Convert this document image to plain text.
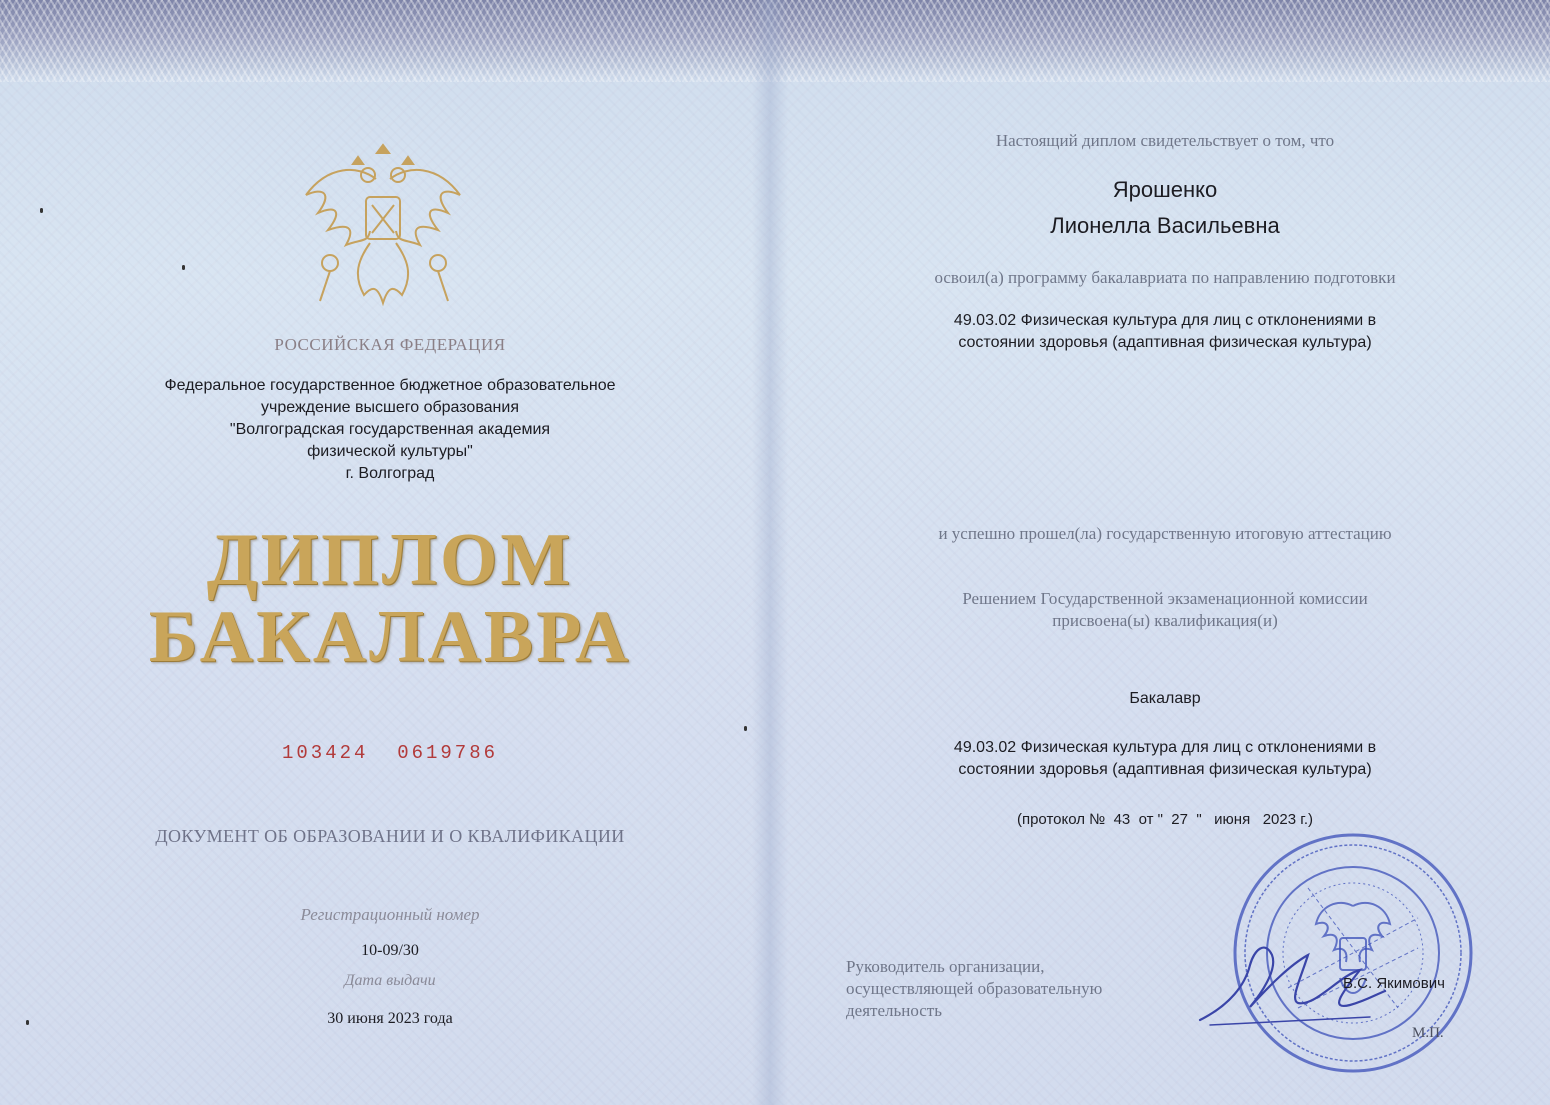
РОССИЙСКАЯ ФЕДЕРАЦИЯ
Федеральное государственное бюджетное образовательное
учреждение высшего образования
"Волгоградская государственная академия
физической культуры"
г. Волгоград
ДИПЛОМ
БАКАЛАВРА
103424  0619786
ДОКУМЕНТ ОБ ОБРАЗОВАНИИ И О КВАЛИФИКАЦИИ
Регистрационный номер
10-09/30
Дата выдачи
30 июня 2023 года
Настоящий диплом свидетельствует о том, что
Ярошенко
Лионелла Васильевна
освоил(а) программу бакалавриата по направлению подготовки
49.03.02 Физическая культура для лиц с отклонениями в
состоянии здоровья (адаптивная физическая культура)
и успешно прошел(ла) государственную итоговую аттестацию
Решением Государственной экзаменационной комиссии
присвоена(ы) квалификация(и)
Бакалавр
49.03.02 Физическая культура для лиц с отклонениями в
состоянии здоровья (адаптивная физическая культура)
(протокол №  43  от "  27  "   июня   2023 г.)
Руководитель организации,
осуществляющей образовательную
деятельность
В.С. Якимович
М.П.
